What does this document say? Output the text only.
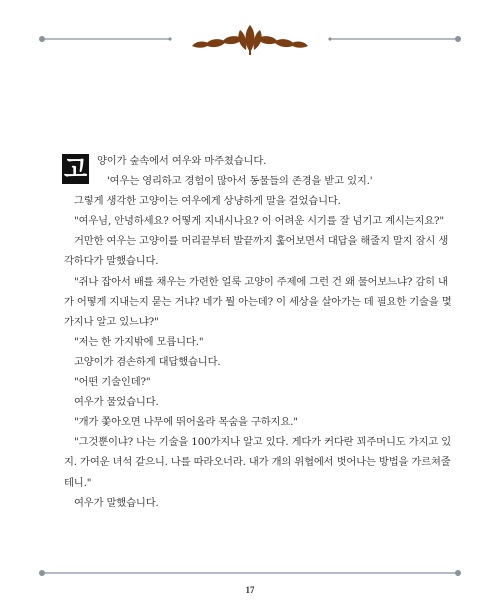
고 양이가 숲속에서 여우와 마주쳤습니다.

'여우는 영리하고 경험이 많아서 동물들의 존경을 받고 있지.'

그렇게 생각한 고양이는 여우에게 상냥하게 말을 걸었습니다.

"여우님, 안녕하세요? 어떻게 지내시나요? 이 어려운 시기를 잘 넘기고 계시는지요?"

거만한 여우는 고양이를 머리끝부터 발끝까지 훑어보면서 대답을 해줄지 말지 잠시 생각하다가 말했습니다.

"쥐나 잡아서 배를 채우는 가련한 얼룩 고양이 주제에 그런 건 왜 물어보느냐? 감히 내가 어떻게 지내는지 묻는 거냐? 네가 뭘 아는데? 이 세상을 살아가는 데 필요한 기술을 몇 가지나 알고 있느냐?"

"저는 한 가지밖에 모릅니다."

고양이가 겸손하게 대답했습니다.

"어떤 기술인데?"

여우가 물었습니다.

"개가 쫓아오면 나무에 뛰어올라 목숨을 구하지요."

"그것뿐이냐? 나는 기술을 100가지나 알고 있다. 게다가 커다란 꾀주머니도 가지고 있지. 가여운 녀석 같으니. 나를 따라오너라. 내가 개의 위협에서 벗어나는 방법을 가르쳐줄 테니."

여우가 말했습니다.

17
